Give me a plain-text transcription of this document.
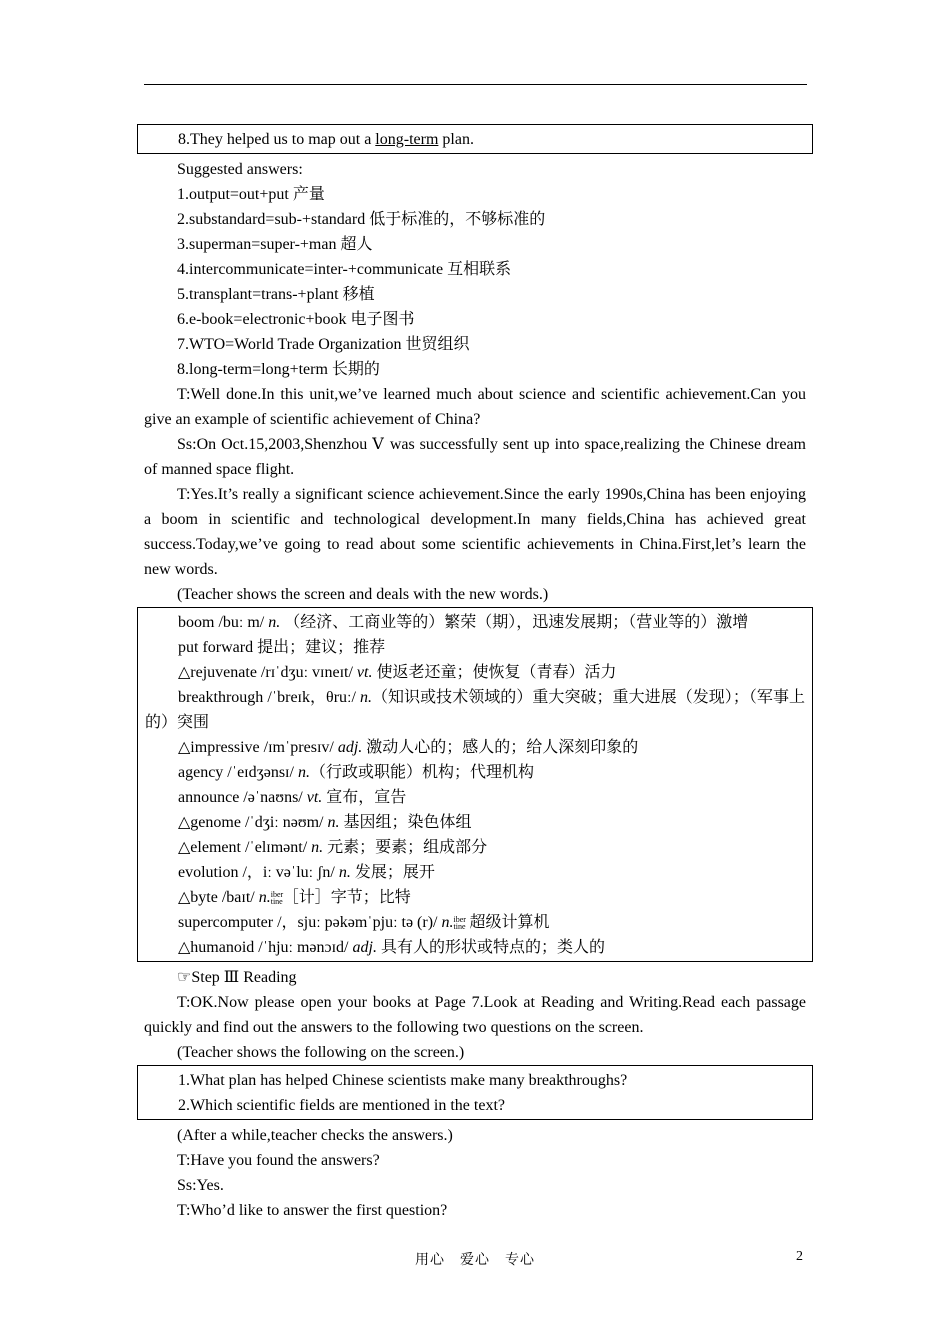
8.They helped us to map out a long-term plan.

Suggested answers:

1.output=out+put 产量

2.substandard=sub-+standard 低于标准的，不够标准的

3.superman=super-+man 超人

4.intercommunicate=inter-+communicate 互相联系

5.transplant=trans-+plant 移植

6.e-book=electronic+book 电子图书

7.WTO=World Trade Organization 世贸组织

8.long-term=long+term 长期的

T:Well done.In this unit,we’ve learned much about science and scientific achievement.Can you give an example of scientific achievement of China?

Ss:On Oct.15,2003,Shenzhou Ⅴ was successfully sent up into space,realizing the Chinese dream of manned space flight.

T:Yes.It’s really a significant science achievement.Since the early 1990s,China has been enjoying a boom in scientific and technological development.In many fields,China has achieved great success.Today,we’ve going to read about some scientific achievements in China.First,let’s learn the new words.

(Teacher shows the screen and deals with the new words.)

boom /buː m/ n. （经济、工商业等的）繁荣（期），迅速发展期；（营业等的）激增

put forward 提出；建议；推荐

△rejuvenate /rɪˈdʒuː vɪneɪt/ vt. 使返老还童；使恢复（青春）活力

breakthrough /ˈbreɪk，θruː/ n.（知识或技术领域的）重大突破；重大进展（发现）；（军事上的）突围

△impressive /ɪmˈpresɪv/ adj. 激动人心的；感人的；给人深刻印象的

agency /ˈeɪdʒənsɪ/ n.（行政或职能）机构；代理机构

announce /əˈnaʊns/ vt. 宣布，宣告

△genome /ˈdʒiː nəʊm/ n. 基因组；染色体组

△element /ˈelɪmənt/ n. 元素；要素；组成部分

evolution /，iː vəˈluː ʃn/ n. 发展；展开

△byte /baɪt/ n.iber
tine［计］字节；比特

supercomputer /，sjuː pəkəmˈpjuː tə (r)/ n.iber
tine 超级计算机

△humanoid /ˈhjuː mənɔɪd/ adj. 具有人的形状或特点的；类人的

☞Step Ⅲ Reading

T:OK.Now please open your books at Page 7.Look at Reading and Writing.Read each passage quickly and find out the answers to the following two questions on the screen.

(Teacher shows the following on the screen.)

1.What plan has helped Chinese scientists make many breakthroughs?

2.Which scientific fields are mentioned in the text?

(After a while,teacher checks the answers.)

T:Have you found the answers?

Ss:Yes.

T:Who’d like to answer the first question?

用心　爱心　专心	2
